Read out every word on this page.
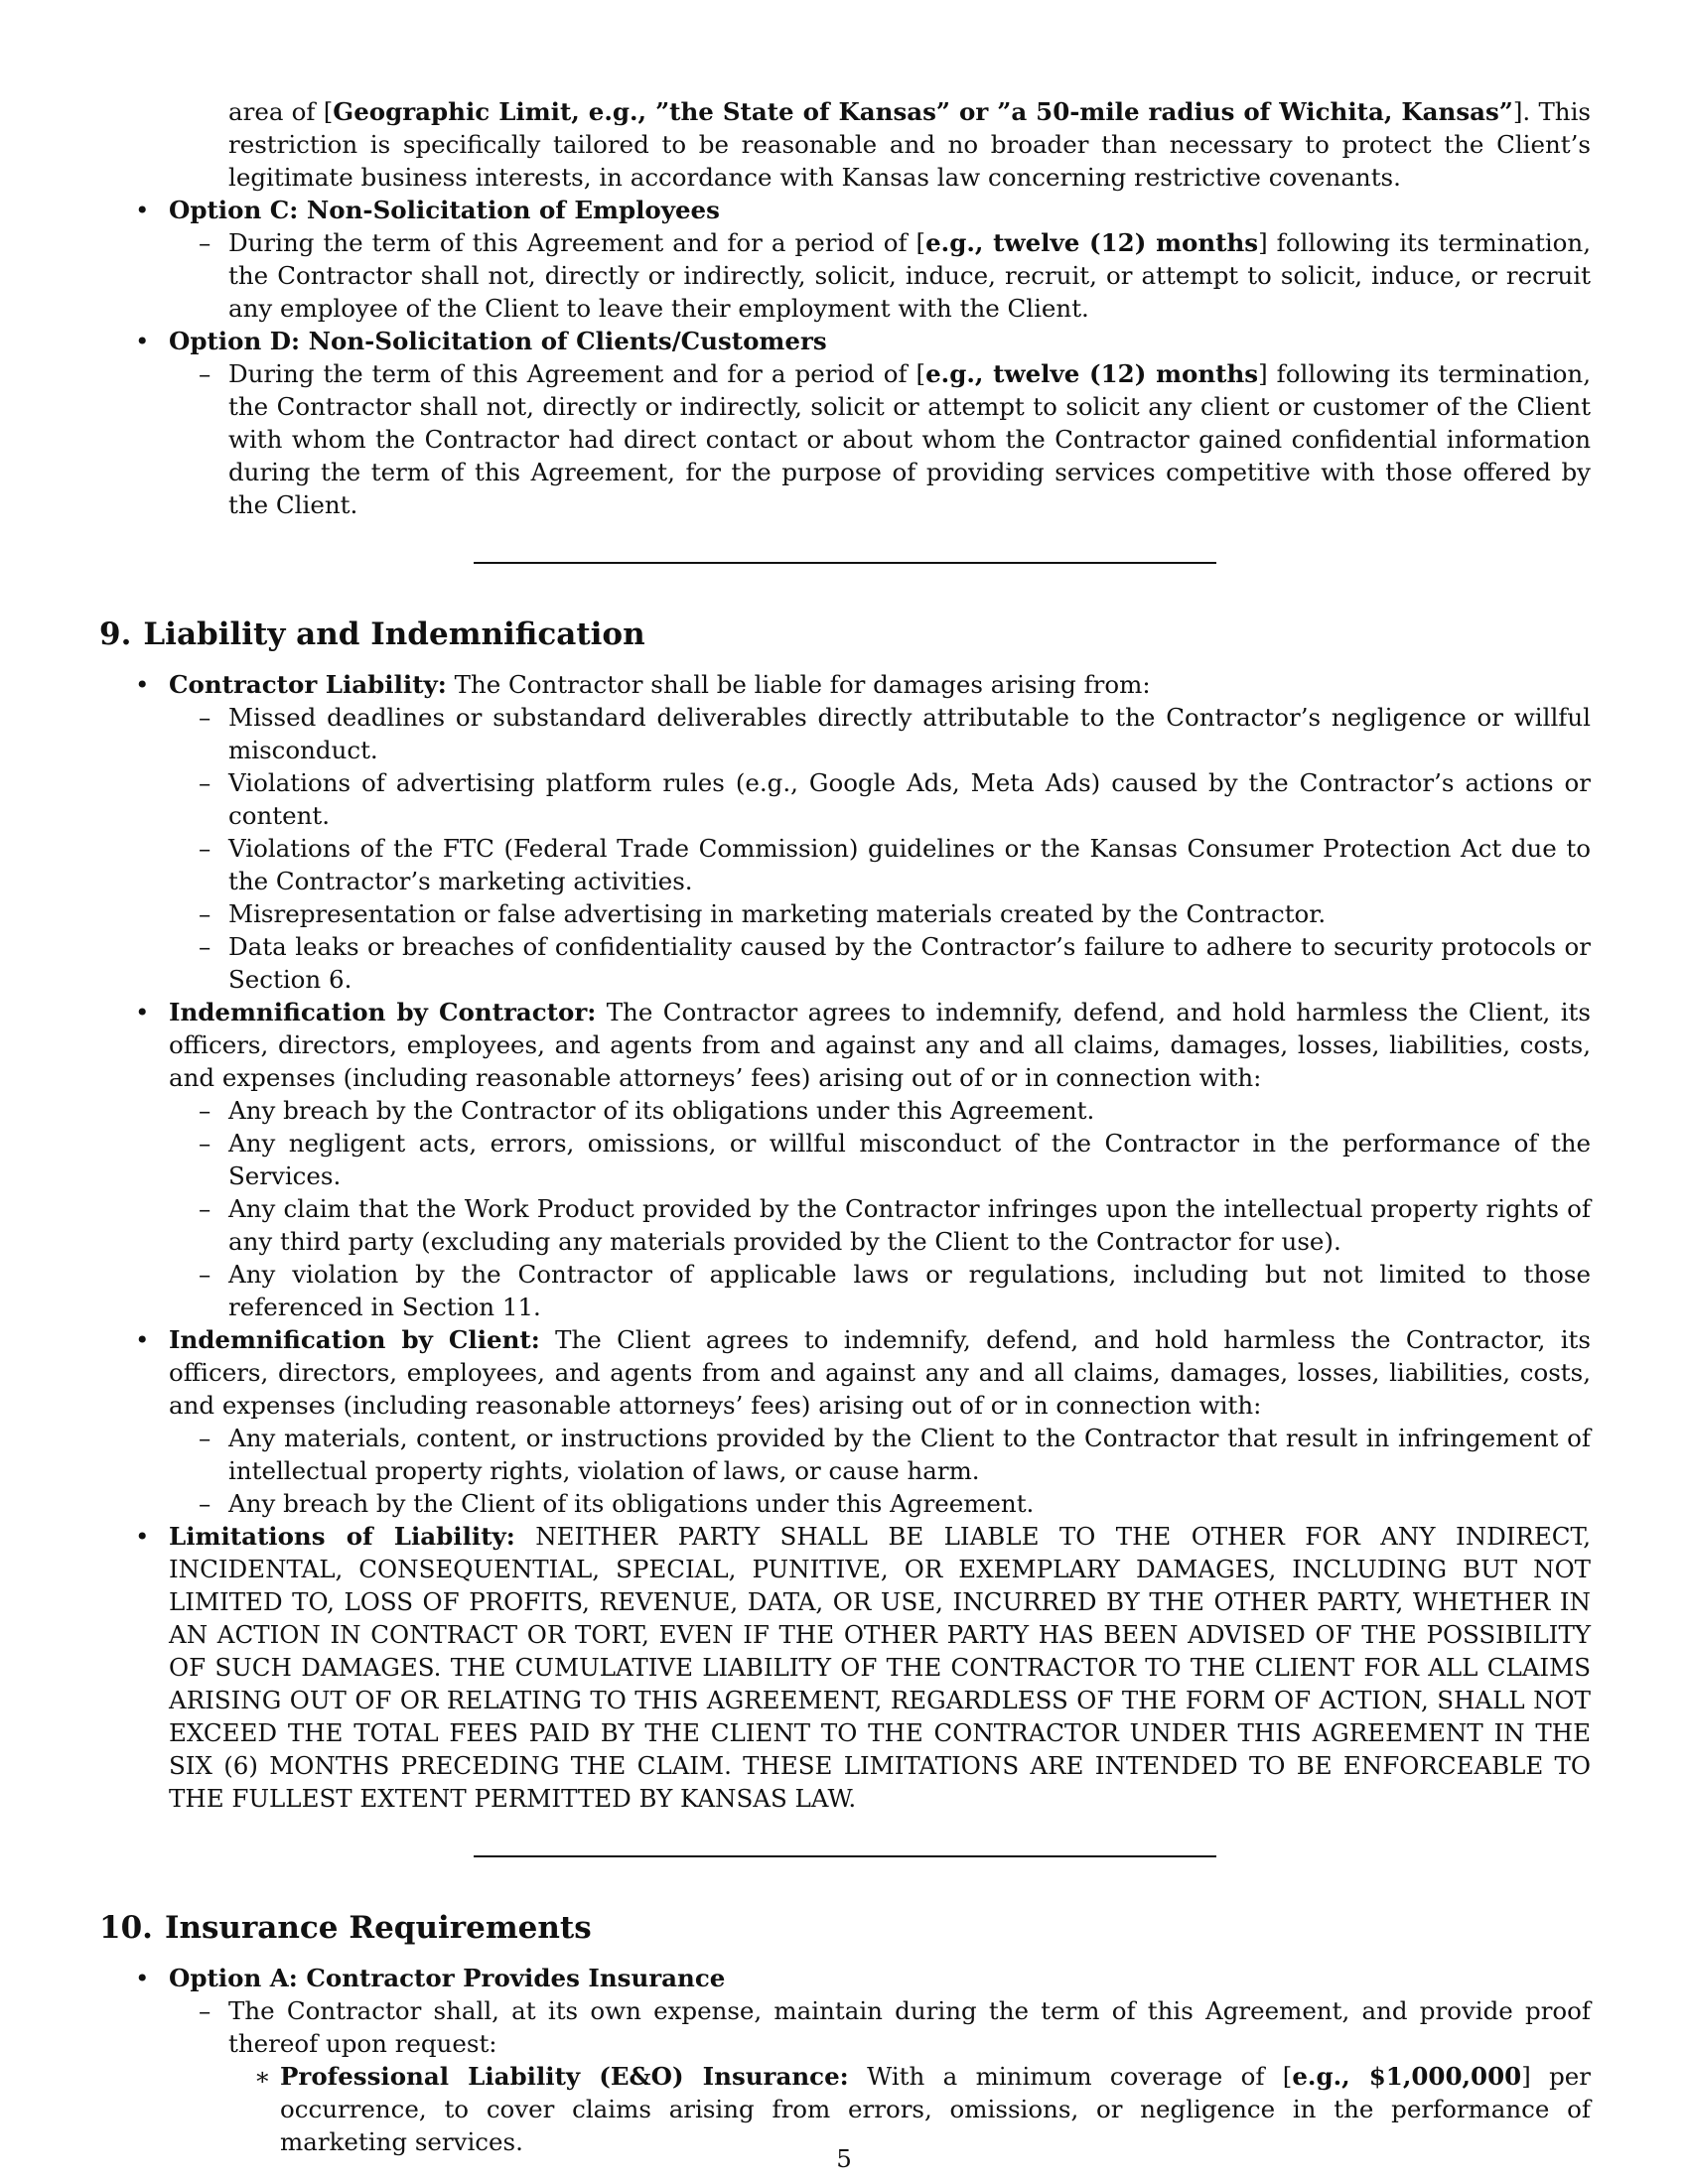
area of [Geographic Limit, e.g., ”the State of Kansas” or ”a 50-mile radius of Wichita, Kansas”]. This restriction is specifically tailored to be reasonable and no broader than necessary to protect the Client’s legitimate business interests, in accordance with Kansas law concerning restrictive covenants.
• Option C: Non-Solicitation of Employees
– During the term of this Agreement and for a period of [e.g., twelve (12) months] following its termination, the Contractor shall not, directly or indirectly, solicit, induce, recruit, or attempt to solicit, induce, or recruit any employee of the Client to leave their employment with the Client.
• Option D: Non-Solicitation of Clients/Customers
– During the term of this Agreement and for a period of [e.g., twelve (12) months] following its termination, the Contractor shall not, directly or indirectly, solicit or attempt to solicit any client or customer of the Client with whom the Contractor had direct contact or about whom the Contractor gained confidential information during the term of this Agreement, for the purpose of providing services competitive with those offered by the Client.
9. Liability and Indemnification
• Contractor Liability: The Contractor shall be liable for damages arising from:
– Missed deadlines or substandard deliverables directly attributable to the Contractor’s negligence or willful misconduct.
– Violations of advertising platform rules (e.g., Google Ads, Meta Ads) caused by the Contractor’s actions or content.
– Violations of the FTC (Federal Trade Commission) guidelines or the Kansas Consumer Protection Act due to the Contractor’s marketing activities.
– Misrepresentation or false advertising in marketing materials created by the Contractor.
– Data leaks or breaches of confidentiality caused by the Contractor’s failure to adhere to security protocols or Section 6.
• Indemnification by Contractor: The Contractor agrees to indemnify, defend, and hold harmless the Client, its officers, directors, employees, and agents from and against any and all claims, damages, losses, liabilities, costs, and expenses (including reasonable attorneys’ fees) arising out of or in connection with:
– Any breach by the Contractor of its obligations under this Agreement.
– Any negligent acts, errors, omissions, or willful misconduct of the Contractor in the performance of the Services.
– Any claim that the Work Product provided by the Contractor infringes upon the intellectual property rights of any third party (excluding any materials provided by the Client to the Contractor for use).
– Any violation by the Contractor of applicable laws or regulations, including but not limited to those referenced in Section 11.
• Indemnification by Client: The Client agrees to indemnify, defend, and hold harmless the Contractor, its officers, directors, employees, and agents from and against any and all claims, damages, losses, liabilities, costs, and expenses (including reasonable attorneys’ fees) arising out of or in connection with:
– Any materials, content, or instructions provided by the Client to the Contractor that result in infringement of intellectual property rights, violation of laws, or cause harm.
– Any breach by the Client of its obligations under this Agreement.
• Limitations of Liability: NEITHER PARTY SHALL BE LIABLE TO THE OTHER FOR ANY INDIRECT, INCIDENTAL, CONSEQUENTIAL, SPECIAL, PUNITIVE, OR EXEMPLARY DAMAGES, INCLUDING BUT NOT LIMITED TO, LOSS OF PROFITS, REVENUE, DATA, OR USE, INCURRED BY THE OTHER PARTY, WHETHER IN AN ACTION IN CONTRACT OR TORT, EVEN IF THE OTHER PARTY HAS BEEN ADVISED OF THE POSSIBILITY OF SUCH DAMAGES. THE CUMULATIVE LIABILITY OF THE CONTRACTOR TO THE CLIENT FOR ALL CLAIMS ARISING OUT OF OR RELATING TO THIS AGREEMENT, REGARDLESS OF THE FORM OF ACTION, SHALL NOT EXCEED THE TOTAL FEES PAID BY THE CLIENT TO THE CONTRACTOR UNDER THIS AGREEMENT IN THE SIX (6) MONTHS PRECEDING THE CLAIM. THESE LIMITATIONS ARE INTENDED TO BE ENFORCEABLE TO THE FULLEST EXTENT PERMITTED BY KANSAS LAW.
10. Insurance Requirements
• Option A: Contractor Provides Insurance
– The Contractor shall, at its own expense, maintain during the term of this Agreement, and provide proof thereof upon request:
∗ Professional Liability (E&O) Insurance: With a minimum coverage of [e.g., $1,000,000] per occurrence, to cover claims arising from errors, omissions, or negligence in the performance of marketing services.
5
